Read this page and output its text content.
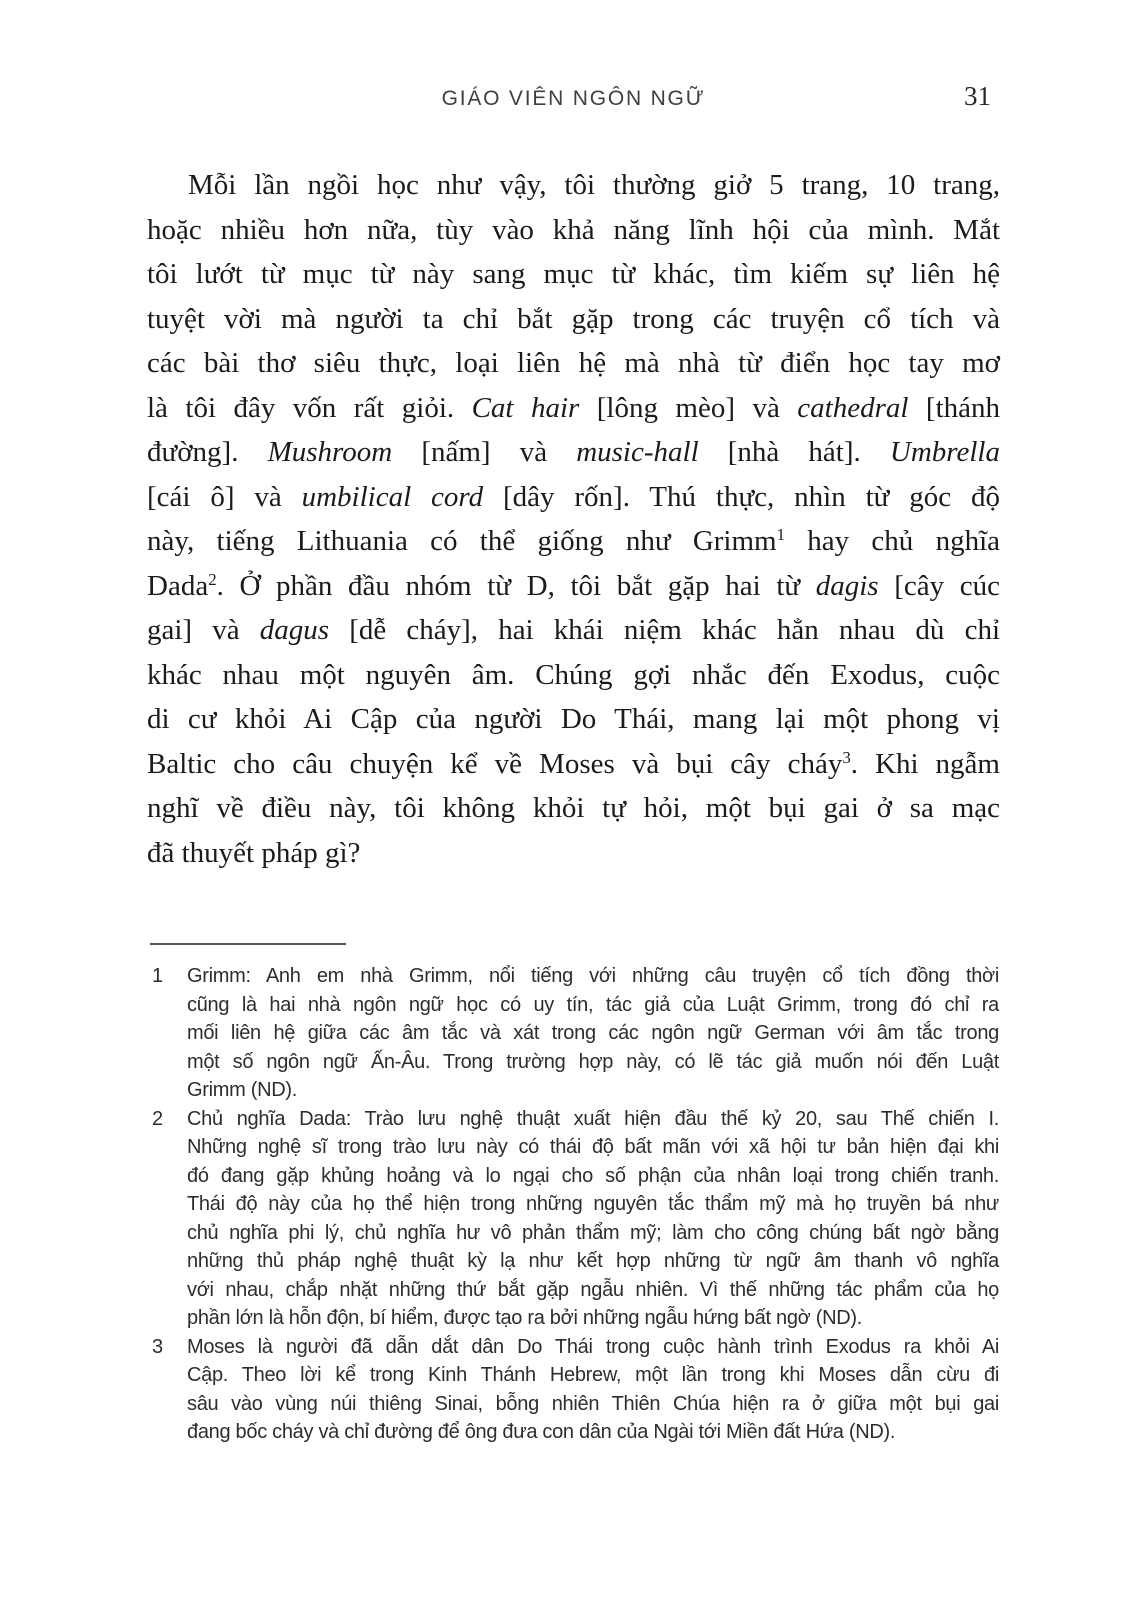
GIÁO VIÊN NGÔN NGỮ	31
Mỗi lần ngồi học như vậy, tôi thường giở 5 trang, 10 trang,
hoặc nhiều hơn nữa, tùy vào khả năng lĩnh hội của mình. Mắt
tôi lướt từ mục từ này sang mục từ khác, tìm kiếm sự liên hệ
tuyệt vời mà người ta chỉ bắt gặp trong các truyện cổ tích và
các bài thơ siêu thực, loại liên hệ mà nhà từ điển học tay mơ
là tôi đây vốn rất giỏi. Cat hair [lông mèo] và cathedral [thánh
đường]. Mushroom [nấm] và music-hall [nhà hát]. Umbrella
[cái ô] và umbilical cord [dây rốn]. Thú thực, nhìn từ góc độ
này, tiếng Lithuania có thể giống như Grimm$^1$ hay chủ nghĩa
Dada$^2$. Ở phần đầu nhóm từ D, tôi bắt gặp hai từ dagis [cây cúc
gai] và dagus [dễ cháy], hai khái niệm khác hẳn nhau dù chỉ
khác nhau một nguyên âm. Chúng gợi nhắc đến Exodus, cuộc
di cư khỏi Ai Cập của người Do Thái, mang lại một phong vị
Baltic cho câu chuyện kể về Moses và bụi cây cháy$^3$. Khi ngẫm
nghĩ về điều này, tôi không khỏi tự hỏi, một bụi gai ở sa mạc
đã thuyết pháp gì?
1	Grimm: Anh em nhà Grimm, nổi tiếng với những câu truyện cổ tích đồng thời
cũng là hai nhà ngôn ngữ học có uy tín, tác giả của Luật Grimm, trong đó chỉ ra
mối liên hệ giữa các âm tắc và xát trong các ngôn ngữ German với âm tắc trong
một số ngôn ngữ Ấn-Âu. Trong trường hợp này, có lẽ tác giả muốn nói đến Luật
Grimm (ND).
2	Chủ nghĩa Dada: Trào lưu nghệ thuật xuất hiện đầu thế kỷ 20, sau Thế chiến I.
Những nghệ sĩ trong trào lưu này có thái độ bất mãn với xã hội tư bản hiện đại khi
đó đang gặp khủng hoảng và lo ngại cho số phận của nhân loại trong chiến tranh.
Thái độ này của họ thể hiện trong những nguyên tắc thẩm mỹ mà họ truyền bá như
chủ nghĩa phi lý, chủ nghĩa hư vô phản thẩm mỹ; làm cho công chúng bất ngờ bằng
những thủ pháp nghệ thuật kỳ lạ như kết hợp những từ ngữ âm thanh vô nghĩa
với nhau, chắp nhặt những thứ bắt gặp ngẫu nhiên. Vì thế những tác phẩm của họ
phần lớn là hỗn độn, bí hiểm, được tạo ra bởi những ngẫu hứng bất ngờ (ND).
3	Moses là người đã dẫn dắt dân Do Thái trong cuộc hành trình Exodus ra khỏi Ai
Cập. Theo lời kể trong Kinh Thánh Hebrew, một lần trong khi Moses dẫn cừu đi
sâu vào vùng núi thiêng Sinai, bỗng nhiên Thiên Chúa hiện ra ở giữa một bụi gai
đang bốc cháy và chỉ đường để ông đưa con dân của Ngài tới Miền đất Hứa (ND).
